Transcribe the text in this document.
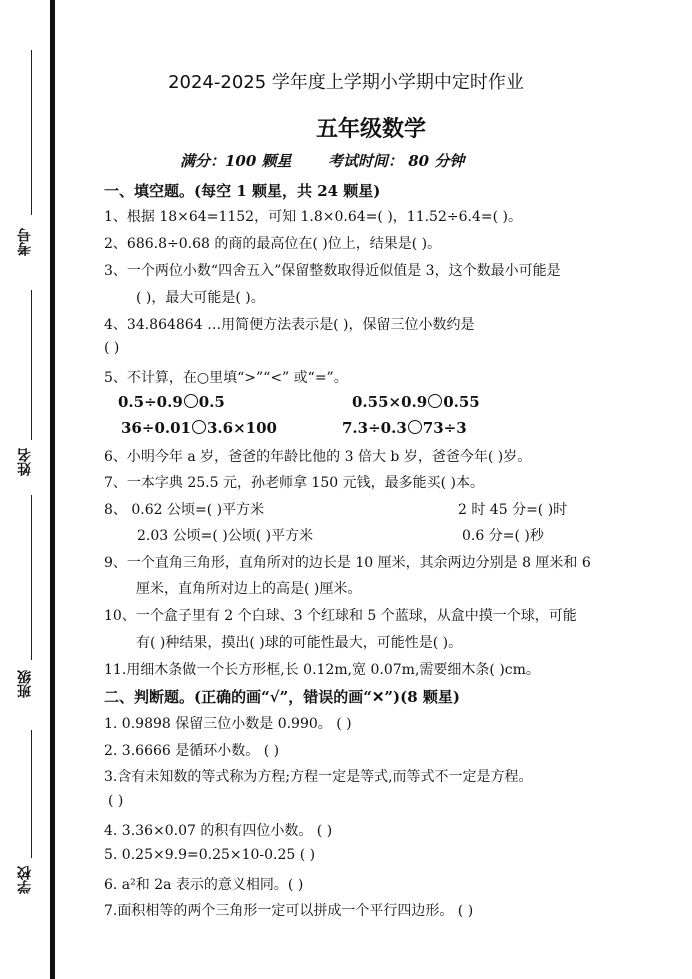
考号
姓名
班级
学校
2024-2025 学年度上学期小学期中定时作业
五年级数学
满分：100 颗星 考试时间： 80 分钟
一、填空题。(每空 1 颗星，共 24 颗星)
1、根据 18×64=1152，可知 1.8×0.64=( )，11.52÷6.4=( )。
2、686.8÷0.68 的商的最高位在( )位上，结果是( )。
3、一个两位小数“四舍五入”保留整数取得近似值是 3，这个数最小可能是
( )，最大可能是( )。
4、34.864864 …用简便方法表示是( )，保留三位小数约是
( )
5、不计算，在○里填“>”“<” 或“=”。
0.5÷0.9 0.5	0.55×0.9 0.55
36÷0.01 3.6×100	7.3÷0.3 73÷3
6、小明今年 a 岁，爸爸的年龄比他的 3 倍大 b 岁，爸爸今年( )岁。
7、一本字典 25.5 元，孙老师拿 150 元钱，最多能买( )本。
8、 0.62 公顷=( )平方米	2 时 45 分=( )时
2.03 公顷=( )公顷( )平方米	0.6 分=( )秒
9、一个直角三角形，直角所对的边长是 10 厘米，其余两边分别是 8 厘米和 6
厘米，直角所对边上的高是( )厘米。
10、一个盒子里有 2 个白球、3 个红球和 5 个蓝球，从盒中摸一个球，可能
有( )种结果，摸出( )球的可能性最大，可能性是( )。
11.用细木条做一个长方形框,长 0.12m,宽 0.07m,需要细木条( )cm。
二、判断题。(正确的画“√”，错误的画“✕”)(8 颗星)
1. 0.9898 保留三位小数是 0.990。 ( )
2. 3.6666 是循环小数。 ( )
3.含有未知数的等式称为方程;方程一定是等式,而等式不一定是方程。
( )
4. 3.36×0.07 的积有四位小数。 ( )
5. 0.25×9.9=0.25×10-0.25 ( )
6. a²和 2a 表示的意义相同。( )
7.面积相等的两个三角形一定可以拼成一个平行四边形。 ( )
